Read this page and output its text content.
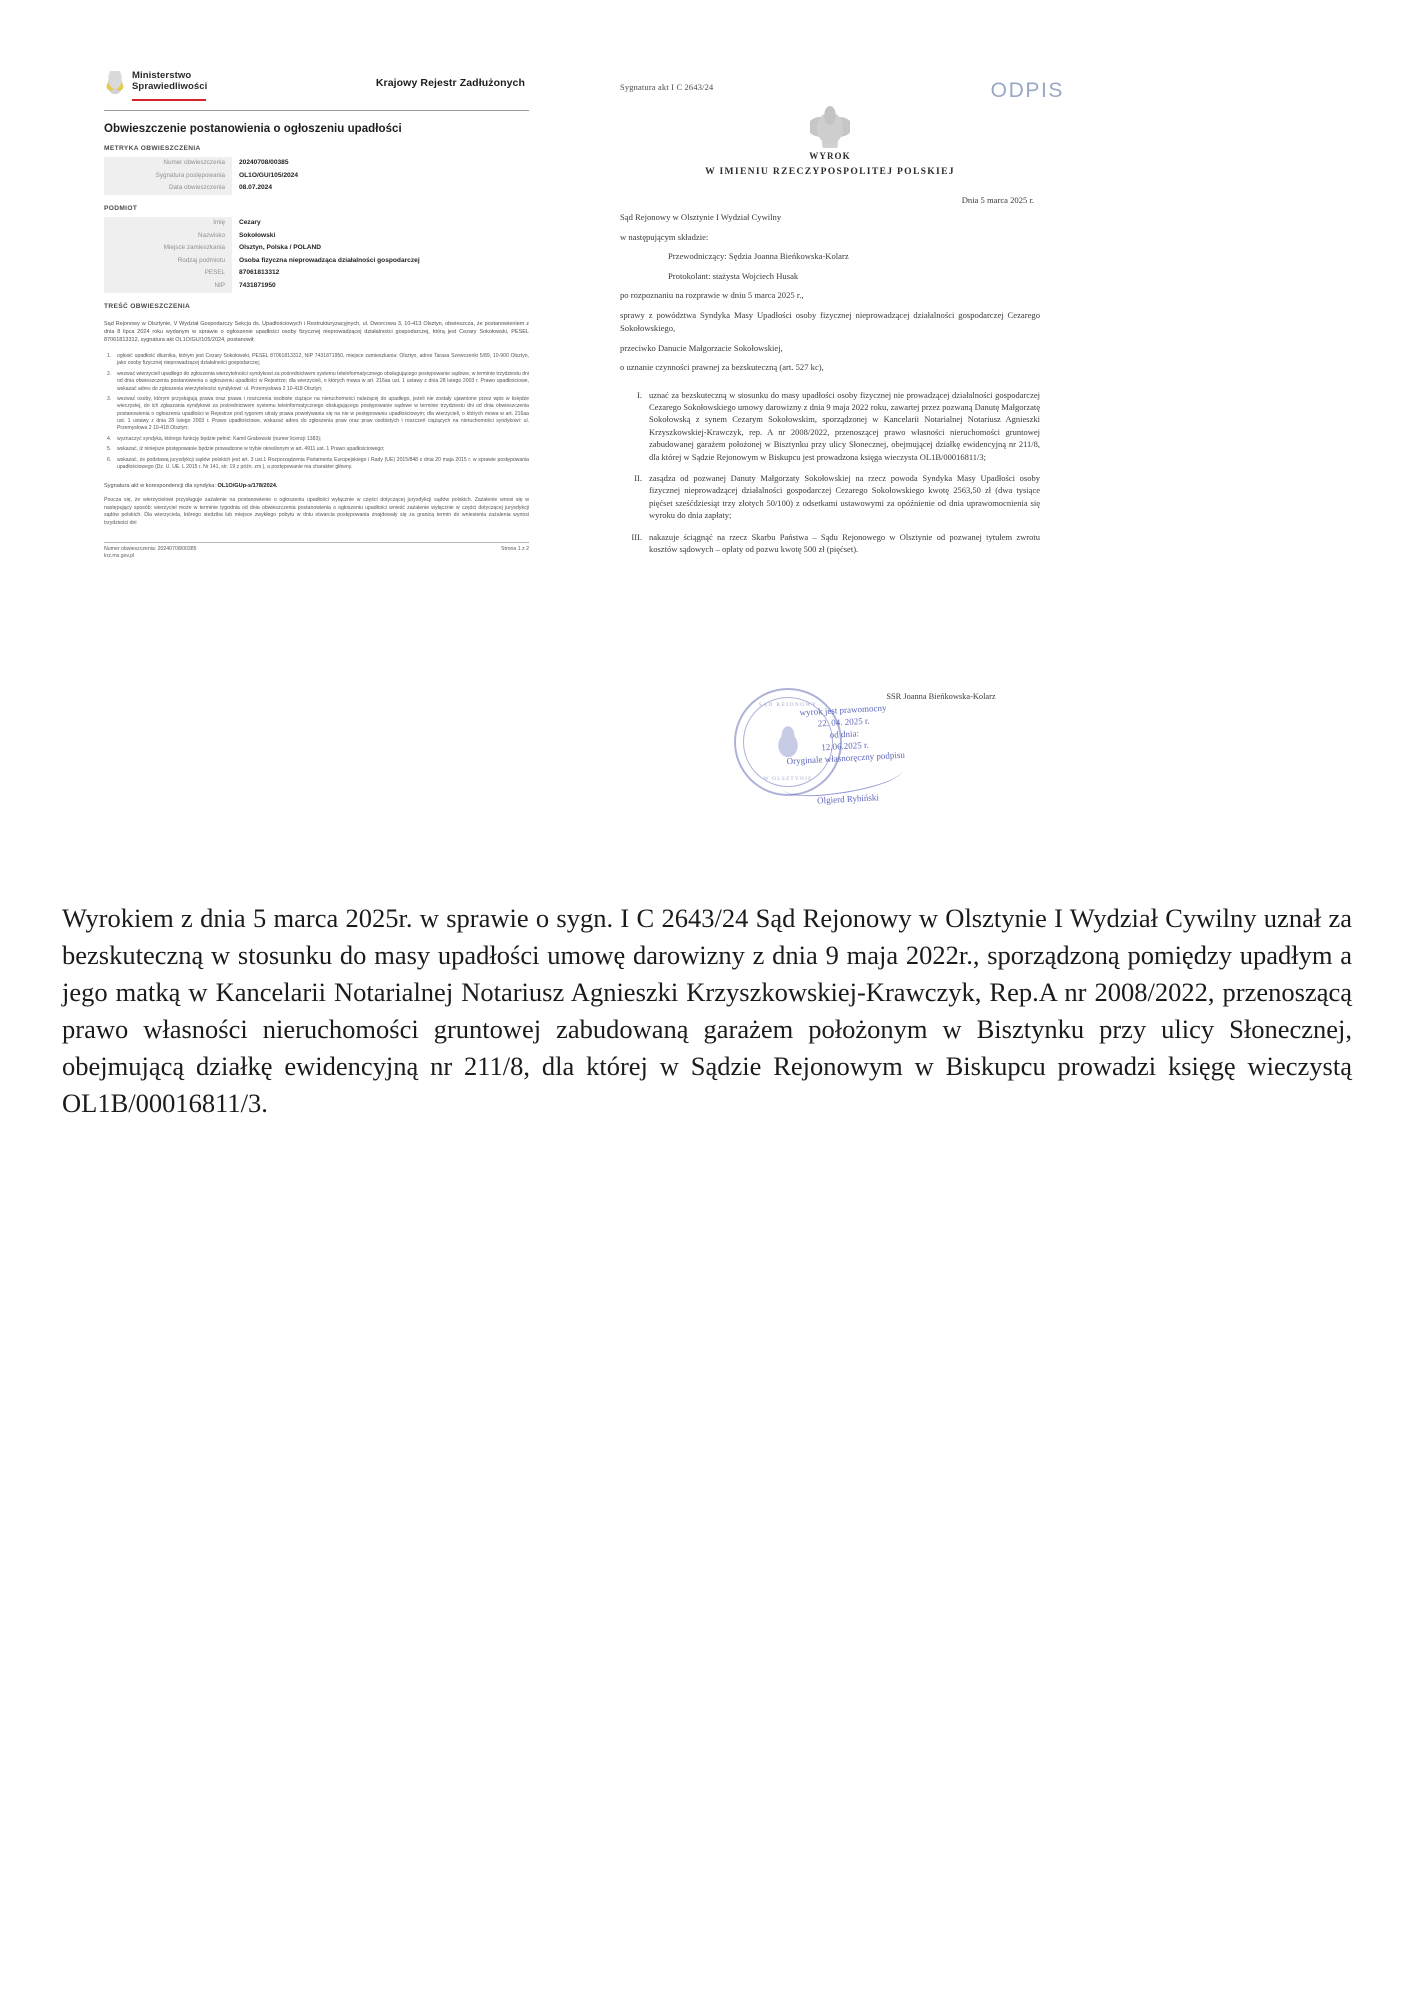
Ministerstwo
Sprawiedliwości	Krajowy Rejestr Zadłużonych
Obwieszczenie postanowienia o ogłoszeniu upadłości
METRYKA OBWIESZCZENIA
Numer obwieszczenia	20240708/00385
Sygnatura postępowania	OL1O/GU/105/2024
Data obwieszczenia	08.07.2024
PODMIOT
Imię	Cezary
Nazwisko	Sokołowski
Miejsce zamieszkania	Olsztyn, Polska / POLAND
Rodzaj podmiotu	Osoba fizyczna nieprowadząca działalności gospodarczej
PESEL	87061813312
NIP	7431871950
TREŚĆ OBWIESZCZENIA
Sąd Rejonowy w Olsztynie, V Wydział Gospodarczy Sekcja ds. Upadłościowych i Restrukturyzacyjnych, ul. Dworcowa 3, 10-413 Olsztyn, obwieszcza, że postanowieniem z dnia 8 lipca 2024 roku wydanym w sprawie o ogłoszenie upadłości osoby fizycznej nieprowadzącej działalności gospodarczej, którą jest Cezary Sokołowski, PESEL 87061813312, sygnatura akt OL1O/GU/105/2024, postanowił:
ogłosić upadłość dłużnika, którym jest Cezary Sokołowski, PESEL 87061813312, NIP 7431871950, miejsce zamieszkania: Olsztyn, adres Tarasa Szewczenki 5/89, 10-900 Olsztyn, jako osoby fizycznej nieprowadzącej działalności gospodarczej;
wezwać wierzycieli upadłego do zgłoszenia wierzytelności syndykowi za pośrednictwem systemu teleinformatycznego obsługującego postępowanie sądowe, w terminie trzydziestu dni od dnia obwieszczenia postanowienia o ogłoszeniu upadłości w Rejestrze; dla wierzycieli, o których mowa w art. 216aa ust. 1 ustawy z dnia 28 lutego 2003 r. Prawo upadłościowe, wskazać adres do zgłoszenia wierzytelności syndykowi: ul. Przemysłowa 2 10-418 Olsztyn;
wezwać osoby, którym przysługują prawa oraz prawa i roszczenia osobiste ciążące na nieruchomości należącej do upadłego, jeżeli nie zostały ujawnione przez wpis w księdze wieczystej, do ich zgłaszania syndykowi za pośrednictwem systemu teleinformatycznego obsługującego postępowanie sądowe w terminie trzydziestu dni od dnia obwieszczenia postanowienia o ogłoszeniu upadłości w Rejestrze pod rygorem utraty prawa powoływania się na nie w postępowaniu upadłościowym; dla wierzycieli, o których mowa w art. 216aa ust. 1 ustawy z dnia 28 lutego 2003 r. Prawo upadłościowe, wskazać adres do zgłoszenia praw oraz praw osobistych i roszczeń ciążących na nieruchomości syndykowi: ul. Przemysłowa 2 10-418 Olsztyn;
wyznaczyć syndyka, którego funkcję będzie pełnić: Kamil Grabowski (numer licencji 1383);
wskazać, iż niniejsze postępowanie będzie prowadzone w trybie określonym w art. 4911 ust. 1 Prawo upadłościowego;
wskazać, że podstawą jurysdykcji sądów polskich jest art. 3 ust.1 Rozporządzenia Parlamentu Europejskiego i Rady (UE) 2015/848 z dnia 20 maja 2015 r. w sprawie postępowania upadłościowego (Dz. U. UE. L 2015 r. Nr 141, str. 19 z późn. zm.), a postępowanie ma charakter główny.
Sygnatura akt w korespondencji dla syndyka: OL1O/GUp-s/178/2024.
Poucza się, że wierzycielowi przysługuje zażalenie na postanowienie o ogłoszeniu upadłości wyłącznie w części dotyczącej jurysdykcji sądów polskich. Zażalenie wnosi się w następujący sposób: wierzyciel może w terminie tygodnia od dnia obwieszczenia postanowienia o ogłoszeniu upadłości wnieść zażalenie wyłącznie w części dotyczącej jurysdykcji sądów polskich. Dla wierzyciela, którego siedziba lub miejsce zwykłego pobytu w dniu otwarcia postępowania znajdowały się za granicą termin do wniesienia zażalenia wynosi trzydzieści dni
Numer obwieszczenia: 20240708/00385
krz.ms.gov.pl
Strona 1 z 2
Sygnatura akt I C 2643/24	ODPIS
WYROK
W IMIENIU RZECZYPOSPOLITEJ POLSKIEJ
Dnia 5 marca 2025 r.
Sąd Rejonowy w Olsztynie I Wydział Cywilny
w następującym składzie:
Przewodniczący: Sędzia Joanna Bieńkowska-Kolarz
Protokolant: stażysta Wojciech Husak
po rozpoznaniu na rozprawie w dniu 5 marca 2025 r.,
sprawy z powództwa Syndyka Masy Upadłości osoby fizycznej nieprowadzącej działalności gospodarczej Cezarego Sokołowskiego,
przeciwko Danucie Małgorzacie Sokołowskiej,
o uznanie czynności prawnej za bezskuteczną (art. 527 kc),
I. uznać za bezskuteczną w stosunku do masy upadłości osoby fizycznej nie prowadzącej działalności gospodarczej Cezarego Sokołowskiego umowy darowizny z dnia 9 maja 2022 roku, zawartej przez pozwaną Danutę Małgorzatę Sokołowską z synem Cezarym Sokołowskim, sporządzonej w Kancelarii Notarialnej Notariusz Agnieszki Krzyszkowskiej-Krawczyk, rep. A nr 2008/2022, przenoszącej prawo własności nieruchomości gruntowej zabudowanej garażem położonej w Bisztynku przy ulicy Słonecznej, obejmującej działkę ewidencyjną nr 211/8, dla której w Sądzie Rejonowym w Biskupcu jest prowadzona księga wieczysta OL1B/00016811/3;
II. zasądza od pozwanej Danuty Małgorzaty Sokołowskiej na rzecz powoda Syndyka Masy Upadłości osoby fizycznej nieprowadzącej działalności gospodarczej Cezarego Sokołowskiego kwotę 2563,50 zł (dwa tysiące pięćset sześćdziesiąt trzy złotych 50/100) z odsetkami ustawowymi za opóźnienie od dnia uprawomocnienia się wyroku do dnia zapłaty;
III. nakazuje ściągnąć na rzecz Skarbu Państwa – Sądu Rejonowego w Olsztynie od pozwanej tytułem zwrotu kosztów sądowych – opłaty od pozwu kwotę 500 zł (pięćset).
SĄD REJONOWY
W OLSZTYNIE
wyrok jest prawomocny
22. 04. 2025 r.
od dnia:
12.06.2025 r.
Oryginale własnoręczny podpisu
Olgierd Rybiński
SSR Joanna Bieńkowska-Kolarz
Wyrokiem z dnia 5 marca 2025r. w sprawie o sygn. I C 2643/24 Sąd Rejonowy w Olsztynie I Wydział Cywilny uznał za bezskuteczną w stosunku do masy upadłości umowę darowizny z dnia 9 maja 2022r., sporządzoną pomiędzy upadłym a jego matką w Kancelarii Notarialnej Notariusz Agnieszki Krzyszkowskiej-Krawczyk, Rep.A nr 2008/2022, przenoszącą prawo własności nieruchomości gruntowej zabudowaną garażem położonym w Bisztynku przy ulicy Słonecznej, obejmującą działkę ewidencyjną nr 211/8, dla której w Sądzie Rejonowym w Biskupcu prowadzi księgę wieczystą OL1B/00016811/3.
